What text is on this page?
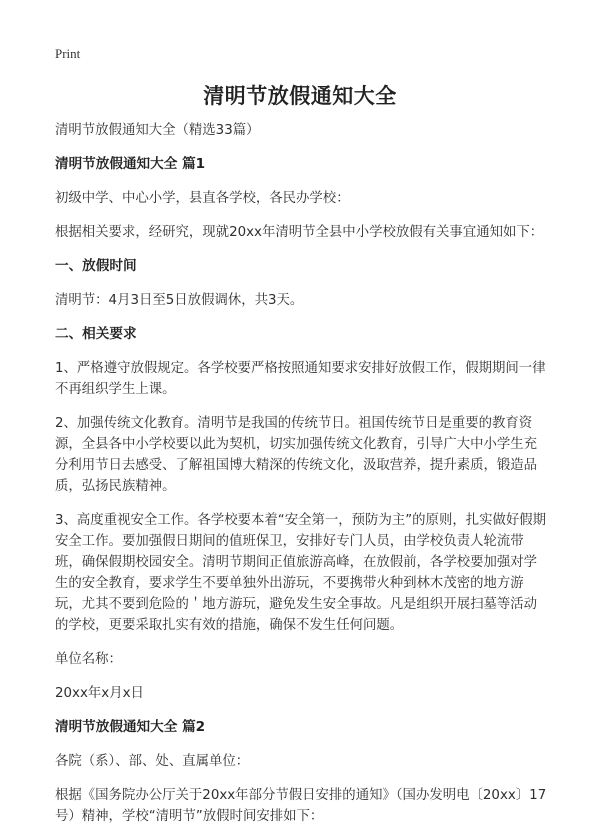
Print
清明节放假通知大全

清明节放假通知大全（精选33篇）

清明节放假通知大全 篇1

初级中学、中心小学，县直各学校，各民办学校：

根据相关要求，经研究，现就20xx年清明节全县中小学校放假有关事宜通知如下：

一、放假时间

清明节：4月3日至5日放假调休，共3天。

二、相关要求

1、严格遵守放假规定。各学校要严格按照通知要求安排好放假工作，假期期间一律不再组织学生上课。

2、加强传统文化教育。清明节是我国的传统节日。祖国传统节日是重要的教育资源，全县各中小学校要以此为契机，切实加强传统文化教育，引导广大中小学生充分利用节日去感受、了解祖国博大精深的传统文化，汲取营养，提升素质，锻造品质，弘扬民族精神。

3、高度重视安全工作。各学校要本着“安全第一，预防为主”的原则，扎实做好假期安全工作。要加强假日期间的值班保卫，安排好专门人员，由学校负责人轮流带班，确保假期校园安全。清明节期间正值旅游高峰，在放假前，各学校要加强对学生的安全教育，要求学生不要单独外出游玩，不要携带火种到林木茂密的地方游玩，尤其不要到危险的＇地方游玩，避免发生安全事故。凡是组织开展扫墓等活动的学校，更要采取扎实有效的措施，确保不发生任何问题。

单位名称：

20xx年x月x日

清明节放假通知大全 篇2

各院（系）、部、处、直属单位：

根据《国务院办公厅关于20xx年部分节假日安排的通知》（国办发明电〔20xx〕17号）精神，学校“清明节”放假时间安排如下：
